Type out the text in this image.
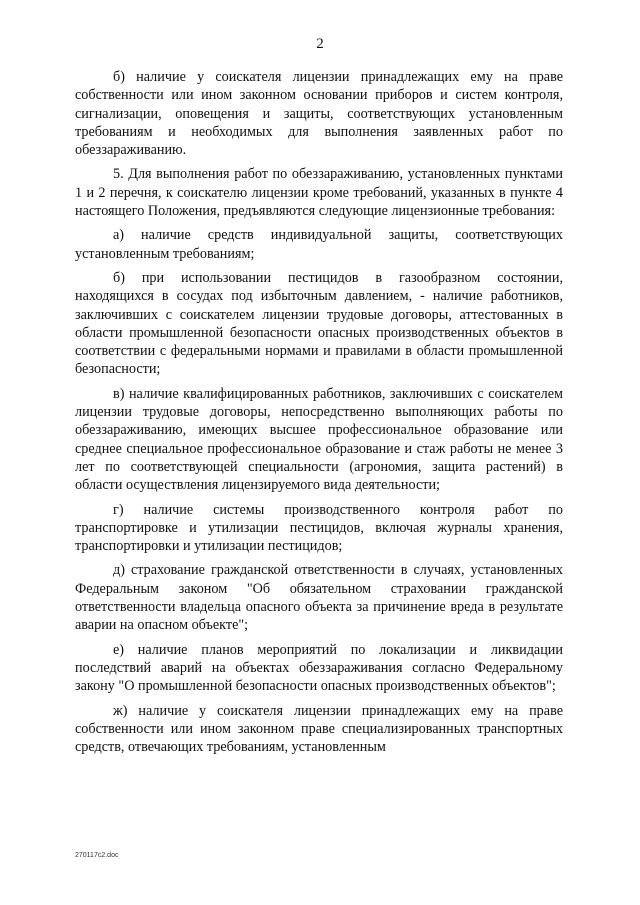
2

б) наличие у соискателя лицензии принадлежащих ему на праве собственности или ином законном основании приборов и систем контроля, сигнализации, оповещения и защиты, соответствующих установленным требованиям и необходимых для выполнения заявленных работ по обеззараживанию.

5. Для выполнения работ по обеззараживанию, установленных пунктами 1 и 2 перечня, к соискателю лицензии кроме требований, указанных в пункте 4 настоящего Положения, предъявляются следующие лицензионные требования:

а) наличие средств индивидуальной защиты, соответствующих установленным требованиям;

б) при использовании пестицидов в газообразном состоянии, находящихся в сосудах под избыточным давлением, - наличие работников, заключивших с соискателем лицензии трудовые договоры, аттестованных в области промышленной безопасности опасных производственных объектов в соответствии с федеральными нормами и правилами в области промышленной безопасности;

в) наличие квалифицированных работников, заключивших с соискателем лицензии трудовые договоры, непосредственно выполняющих работы по обеззараживанию, имеющих высшее профессиональное образование или среднее специальное профессиональное образование и стаж работы не менее 3 лет по соответствующей специальности (агрономия, защита растений) в области осуществления лицензируемого вида деятельности;

г) наличие системы производственного контроля работ по транспортировке и утилизации пестицидов, включая журналы хранения, транспортировки и утилизации пестицидов;

д) страхование гражданской ответственности в случаях, установленных Федеральным законом "Об обязательном страховании гражданской ответственности владельца опасного объекта за причинение вреда в результате аварии на опасном объекте";

е) наличие планов мероприятий по локализации и ликвидации последствий аварий на объектах обеззараживания согласно Федеральному закону "О промышленной безопасности опасных производственных объектов";

ж) наличие у соискателя лицензии принадлежащих ему на праве собственности или ином законном праве специализированных транспортных средств, отвечающих требованиям, установленным

270117c2.doc
